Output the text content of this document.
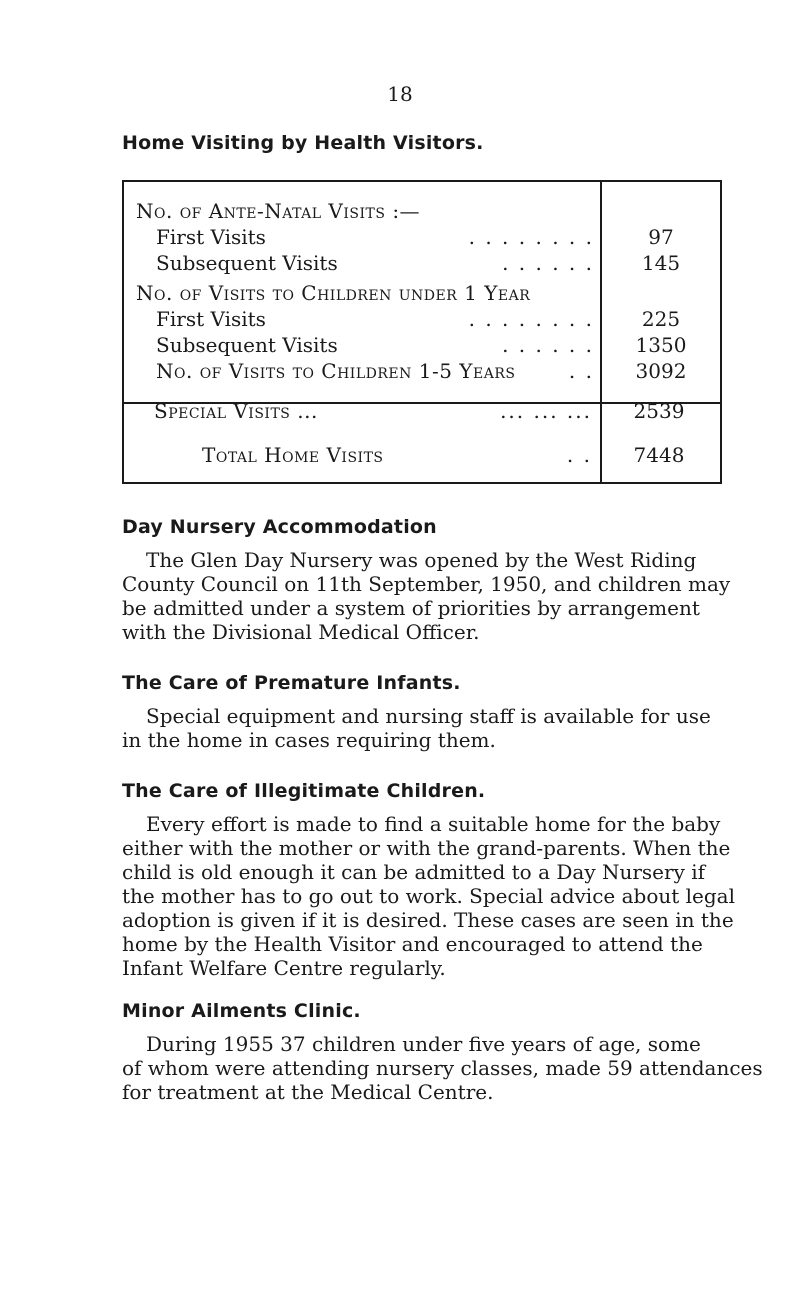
18
Home Visiting by Health Visitors.
No. of Ante-Natal Visits :—
First Visits	. . . . . . . .	97
Subsequent Visits	. . . . . .	145
No. of Visits to Children under 1 Year
First Visits	. . . . . . . .	225
Subsequent Visits	. . . . . .	1350
No. of Visits to Children 1-5 Years	. .	3092
Special Visits ...	... ... ...	2539
Total Home Visits	. .	7448
Day Nursery Accommodation
The Glen Day Nursery was opened by the West Riding
County Council on 11th September, 1950, and children may
be admitted under a system of priorities by arrangement
with the Divisional Medical Officer.
The Care of Premature Infants.
Special equipment and nursing staff is available for use
in the home in cases requiring them.
The Care of Illegitimate Children.
Every effort is made to find a suitable home for the baby
either with the mother or with the grand-parents. When the
child is old enough it can be admitted to a Day Nursery if
the mother has to go out to work. Special advice about legal
adoption is given if it is desired. These cases are seen in the
home by the Health Visitor and encouraged to attend the
Infant Welfare Centre regularly.
Minor Ailments Clinic.
During 1955 37 children under five years of age, some
of whom were attending nursery classes, made 59 attendances
for treatment at the Medical Centre.
